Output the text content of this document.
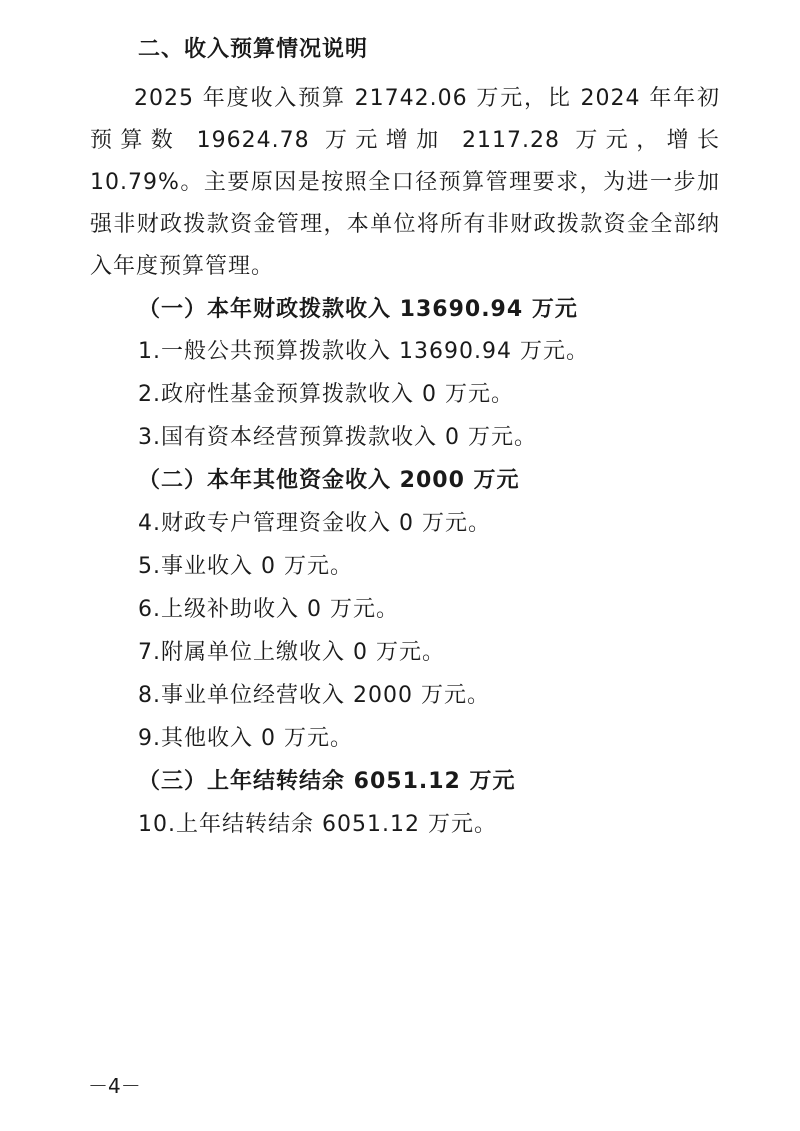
二、收入预算情况说明

2025 年度收入预算 21742.06 万元，比 2024 年年初预算数 19624.78 万元增加 2117.28 万元，增长 10.79%。主要原因是按照全口径预算管理要求，为进一步加强非财政拨款资金管理，本单位将所有非财政拨款资金全部纳入年度预算管理。

（一）本年财政拨款收入 13690.94 万元

1.一般公共预算拨款收入 13690.94 万元。

2.政府性基金预算拨款收入 0 万元。

3.国有资本经营预算拨款收入 0 万元。

（二）本年其他资金收入 2000 万元

4.财政专户管理资金收入 0 万元。

5.事业收入 0 万元。

6.上级补助收入 0 万元。

7.附属单位上缴收入 0 万元。

8.事业单位经营收入 2000 万元。

9.其他收入 0 万元。

（三）上年结转结余 6051.12 万元

10.上年结转结余 6051.12 万元。

－4－
